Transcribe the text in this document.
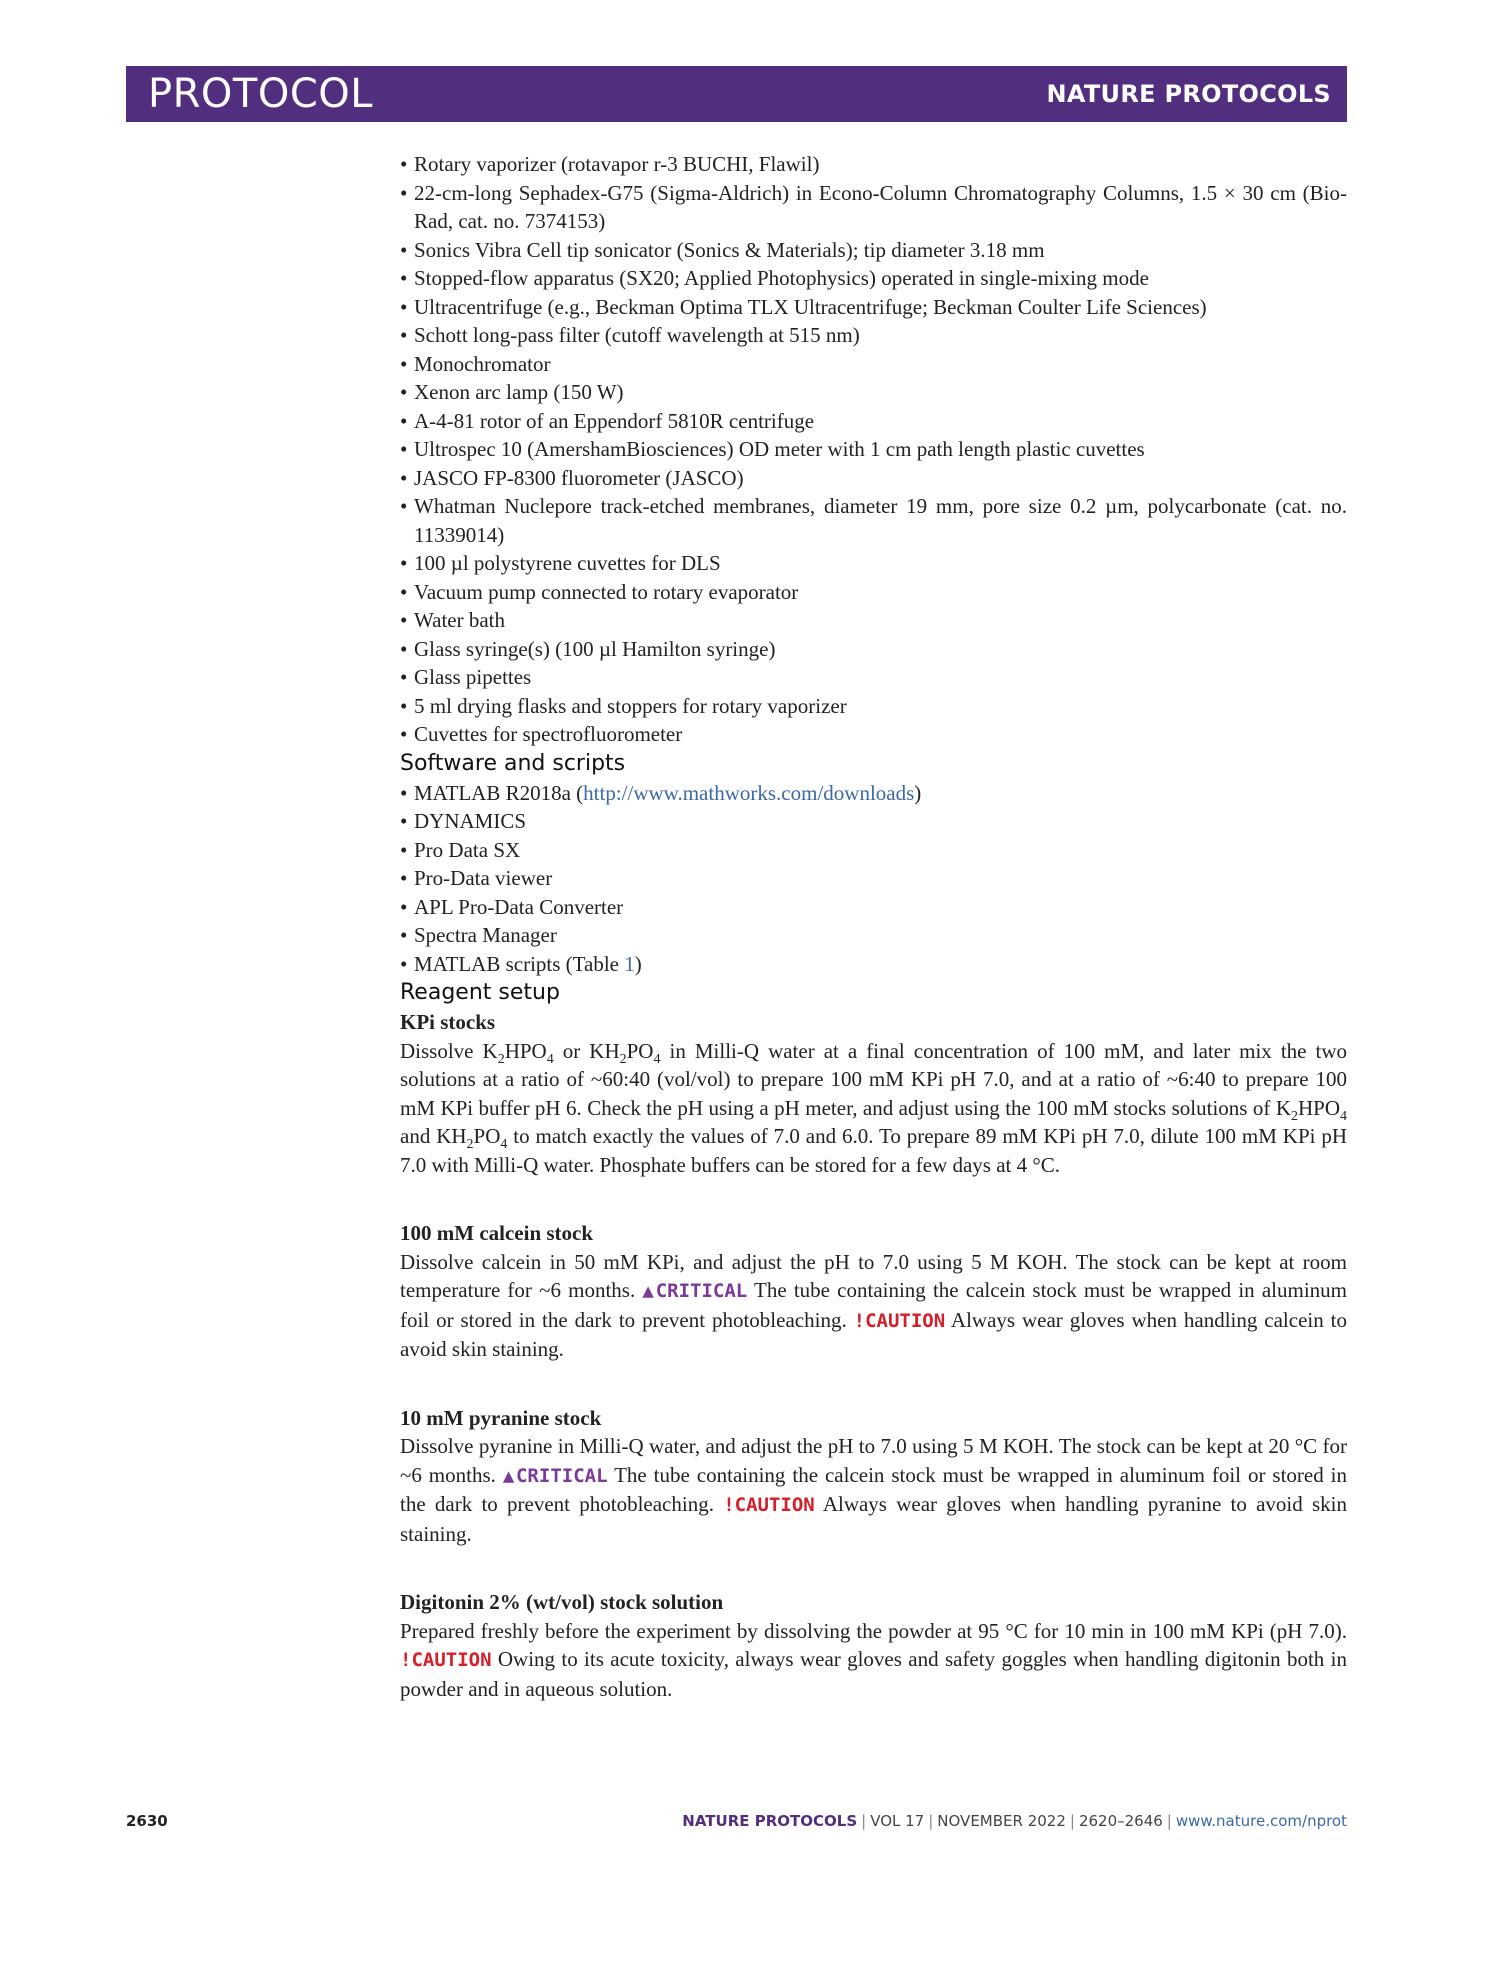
PROTOCOL	NATURE PROTOCOLS
• Rotary vaporizer (rotavapor r-3 BUCHI, Flawil)
• 22-cm-long Sephadex-G75 (Sigma-Aldrich) in Econo-Column Chromatography Columns, 1.5 × 30 cm (Bio-Rad, cat. no. 7374153)
• Sonics Vibra Cell tip sonicator (Sonics & Materials); tip diameter 3.18 mm
• Stopped-flow apparatus (SX20; Applied Photophysics) operated in single-mixing mode
• Ultracentrifuge (e.g., Beckman Optima TLX Ultracentrifuge; Beckman Coulter Life Sciences)
• Schott long-pass filter (cutoff wavelength at 515 nm)
• Monochromator
• Xenon arc lamp (150 W)
• A-4-81 rotor of an Eppendorf 5810R centrifuge
• Ultrospec 10 (AmershamBiosciences) OD meter with 1 cm path length plastic cuvettes
• JASCO FP-8300 fluorometer (JASCO)
• Whatman Nuclepore track-etched membranes, diameter 19 mm, pore size 0.2 µm, polycarbonate (cat. no. 11339014)
• 100 µl polystyrene cuvettes for DLS
• Vacuum pump connected to rotary evaporator
• Water bath
• Glass syringe(s) (100 µl Hamilton syringe)
• Glass pipettes
• 5 ml drying flasks and stoppers for rotary vaporizer
• Cuvettes for spectrofluorometer
Software and scripts
• MATLAB R2018a (http://www.mathworks.com/downloads)
• DYNAMICS
• Pro Data SX
• Pro-Data viewer
• APL Pro-Data Converter
• Spectra Manager
• MATLAB scripts (Table 1)
Reagent setup

KPi stocks

Dissolve $K_2HPO_4$ or $KH_2PO_4$ in Milli-Q water at a final concentration of 100 mM, and later mix the two solutions at a ratio of ~60:40 (vol/vol) to prepare 100 mM KPi pH 7.0, and at a ratio of ~6:40 to prepare 100 mM KPi buffer pH 6. Check the pH using a pH meter, and adjust using the 100 mM stocks solutions of $K_2HPO_4$ and $KH_2PO_4$ to match exactly the values of 7.0 and 6.0. To prepare 89 mM KPi pH 7.0, dilute 100 mM KPi pH 7.0 with Milli-Q water. Phosphate buffers can be stored for a few days at 4 °C.

100 mM calcein stock

Dissolve calcein in 50 mM KPi, and adjust the pH to 7.0 using 5 M KOH. The stock can be kept at room temperature for ~6 months. ▲CRITICAL The tube containing the calcein stock must be wrapped in aluminum foil or stored in the dark to prevent photobleaching. !CAUTION Always wear gloves when handling calcein to avoid skin staining.

10 mM pyranine stock

Dissolve pyranine in Milli-Q water, and adjust the pH to 7.0 using 5 M KOH. The stock can be kept at 20 °C for ~6 months. ▲CRITICAL The tube containing the calcein stock must be wrapped in aluminum foil or stored in the dark to prevent photobleaching. !CAUTION Always wear gloves when handling pyranine to avoid skin staining.

Digitonin 2% (wt/vol) stock solution

Prepared freshly before the experiment by dissolving the powder at 95 °C for 10 min in 100 mM KPi (pH 7.0). !CAUTION Owing to its acute toxicity, always wear gloves and safety goggles when handling digitonin both in powder and in aqueous solution.

2630	NATURE PROTOCOLS | VOL 17 | NOVEMBER 2022 | 2620–2646 | www.nature.com/nprot
